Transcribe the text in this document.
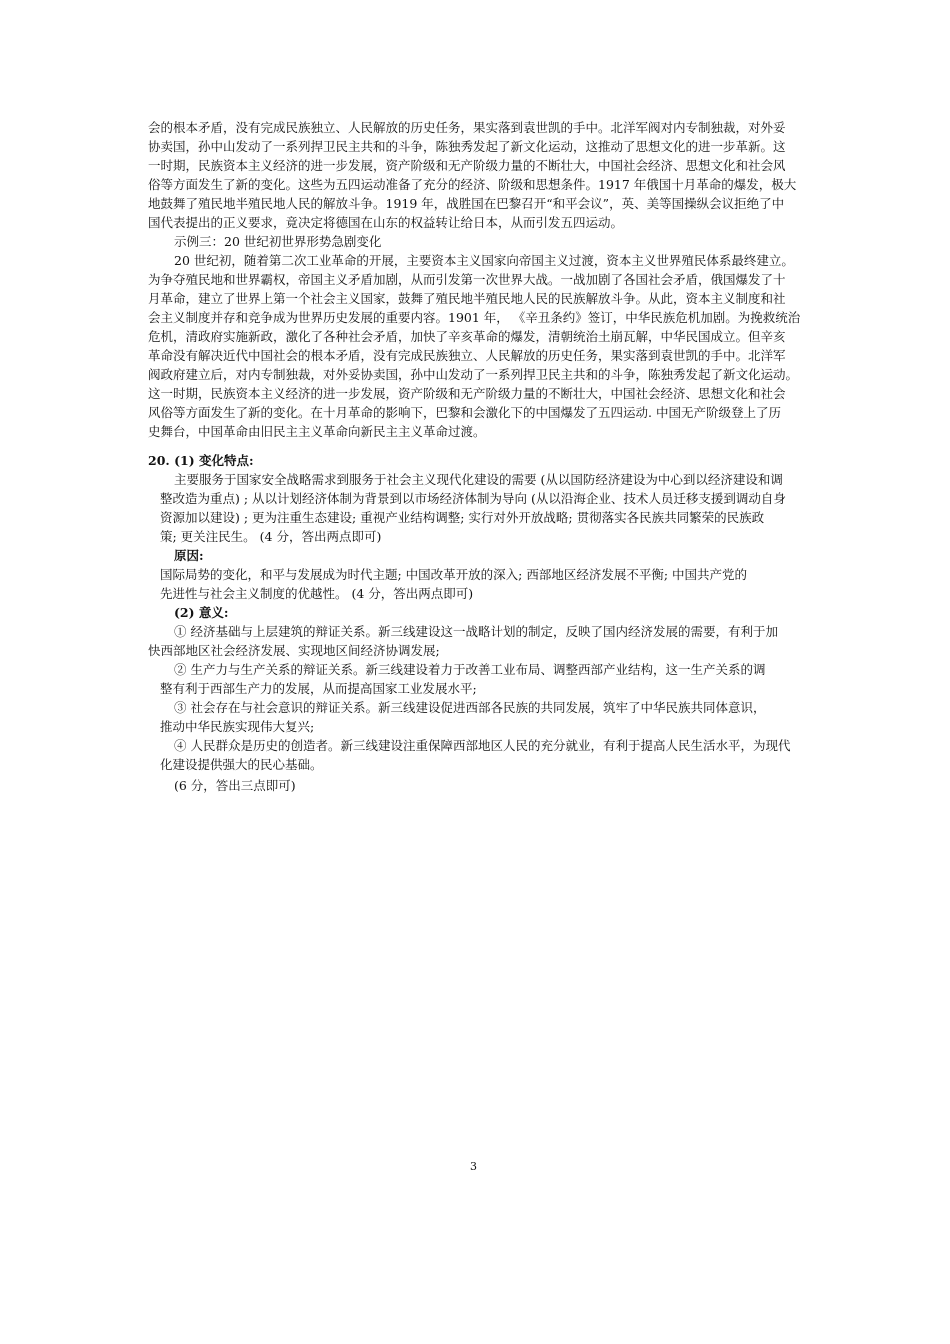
会的根本矛盾，没有完成民族独立、人民解放的历史任务，果实落到袁世凯的手中。北洋军阀对内专制独裁，对外妥
协卖国，孙中山发动了一系列捍卫民主共和的斗争，陈独秀发起了新文化运动，这推动了思想文化的进一步革新。这
一时期，民族资本主义经济的进一步发展，资产阶级和无产阶级力量的不断壮大，中国社会经济、思想文化和社会风
俗等方面发生了新的变化。这些为五四运动准备了充分的经济、阶级和思想条件。1917 年俄国十月革命的爆发，极大
地鼓舞了殖民地半殖民地人民的解放斗争。1919 年，战胜国在巴黎召开“和平会议”，英、美等国操纵会议拒绝了中
国代表提出的正义要求，竟决定将德国在山东的权益转让给日本，从而引发五四运动。
示例三：20 世纪初世界形势急剧变化
20 世纪初，随着第二次工业革命的开展，主要资本主义国家向帝国主义过渡，资本主义世界殖民体系最终建立。
为争夺殖民地和世界霸权，帝国主义矛盾加剧，从而引发第一次世界大战。一战加剧了各国社会矛盾，俄国爆发了十
月革命，建立了世界上第一个社会主义国家，鼓舞了殖民地半殖民地人民的民族解放斗争。从此，资本主义制度和社
会主义制度并存和竞争成为世界历史发展的重要内容。1901 年， 《辛丑条约》签订，中华民族危机加剧。为挽救统治
危机，清政府实施新政，激化了各种社会矛盾，加快了辛亥革命的爆发，清朝统治土崩瓦解，中华民国成立。但辛亥
革命没有解决近代中国社会的根本矛盾，没有完成民族独立、人民解放的历史任务，果实落到袁世凯的手中。北洋军
阀政府建立后，对内专制独裁，对外妥协卖国，孙中山发动了一系列捍卫民主共和的斗争，陈独秀发起了新文化运动。
这一时期，民族资本主义经济的进一步发展，资产阶级和无产阶级力量的不断壮大，中国社会经济、思想文化和社会
风俗等方面发生了新的变化。在十月革命的影响下，巴黎和会激化下的中国爆发了五四运动. 中国无产阶级登上了历
史舞台，中国革命由旧民主主义革命向新民主主义革命过渡。
20. (1) 变化特点:
主要服务于国家安全战略需求到服务于社会主义现代化建设的需要 (从以国防经济建设为中心到以经济建设和调
整改造为重点) ; 从以计划经济体制为背景到以市场经济体制为导向 (从以沿海企业、技术人员迁移支援到调动自身
资源加以建设) ; 更为注重生态建设; 重视产业结构调整; 实行对外开放战略; 贯彻落实各民族共同繁荣的民族政
策; 更关注民生。 (4 分，答出两点即可)
原因:
国际局势的变化，和平与发展成为时代主题; 中国改革开放的深入; 西部地区经济发展不平衡; 中国共产党的
先进性与社会主义制度的优越性。 (4 分，答出两点即可)
(2) 意义:
① 经济基础与上层建筑的辩证关系。新三线建设这一战略计划的制定，反映了国内经济发展的需要，有利于加
快西部地区社会经济发展、实现地区间经济协调发展;
② 生产力与生产关系的辩证关系。新三线建设着力于改善工业布局、调整西部产业结构，这一生产关系的调
整有利于西部生产力的发展，从而提高国家工业发展水平;
③ 社会存在与社会意识的辩证关系。新三线建设促进西部各民族的共同发展，筑牢了中华民族共同体意识，
推动中华民族实现伟大复兴;
④ 人民群众是历史的创造者。新三线建设注重保障西部地区人民的充分就业，有利于提高人民生活水平，为现代
化建设提供强大的民心基础。
(6 分，答出三点即可)
3
